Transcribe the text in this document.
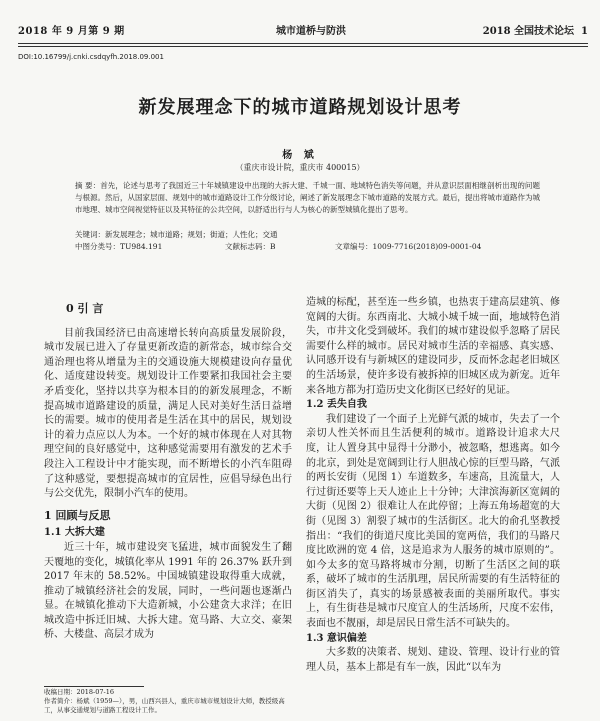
2018 年 9 月第 9 期	城市道桥与防洪	2018 全国技术论坛 1
DOI:10.16799/j.cnki.csdqyfh.2018.09.001
新发展理念下的城市道路规划设计思考
杨 斌
（重庆市设计院，重庆市 400015）
摘 要：首先，论述与思考了我国近三十年城镇建设中出现的大拆大建、千城一面、地域特色消失等问题，并从意识层面相继剖析出现的问题与根源。然后，从国家层面、规划中的城市道路设计工作分级讨论，阐述了新发展理念下城市道路的发展方式。最后，提出将城市道路作为城市地理、城市空间视觉特征以及其特征的公共空间，以舒适出行与人为核心的新型城镇化提出了思考。
关键词：新发展理念；城市道路；规划；街道；人性化；交通
中图分类号：TU984.191	文献标志码：B	文章编号：1009-7716(2018)09-0001-04

0 引 言

目前我国经济已由高速增长转向高质量发展阶段，城市发展已进入了存量更新改造的新常态，城市综合交通治理也将从增量为主的交通设施大规模建设向存量优化、适度建设转变。规划设计工作要紧扣我国社会主要矛盾变化，坚持以共享为根本目的的新发展理念，不断提高城市道路建设的质量，满足人民对美好生活日益增长的需要。城市的使用者是生活在其中的居民，规划设计的着力点应以人为本。一个好的城市体现在人对其物理空间的良好感觉中，这种感觉需要用有激发的艺术手段注入工程设计中才能实现，而不断增长的小汽车阻碍了这种感觉，要想提高城市的宜居性，应倡导绿色出行与公交优先，限制小汽车的使用。

1 回顾与反思

1.1 大拆大建

近三十年，城市建设突飞猛进，城市面貌发生了翻天覆地的变化，城镇化率从 1991 年的 26.37% 跃升到 2017 年末的 58.52%。中国城镇建设取得重大成就，推动了城镇经济社会的发展，同时，一些问题也逐渐凸显。在城镇化推动下大造新城，小公建贪大求洋；在旧城改造中拆迁旧城、大拆大建。宽马路、大立交、豪架桥、大楼盘、高层才成为

造城的标配，甚至连一些乡镇，也热衷于建高层建筑、修宽阔的大街。东西南北、大城小城千城一面，地域特色消失，市井文化受到破坏。我们的城市建设似乎忽略了居民需要什么样的城市。居民对城市生活的幸福感、真实感、认同感开设有与新城区的建设同步，反而怀念起老旧城区的生活场景，使许多设有被拆掉的旧城区成为新宠。近年来各地方都为打造历史文化街区已经好的见证。

1.2 丢失自我

我们建设了一个面子上光鲜气派的城市，失去了一个亲切人性关怀而且生活便利的城市。道路设计追求大尺度，让人置身其中显得十分渺小，被忽略，想逃离。如今的北京，到处是宽阔到让行人胆战心惊的巨型马路，气派的两长安街（见图 1）车道数多，车速高，且流量大，人行过街还要等上天人迹止上十分钟；大津滨海新区宽阔的大街（见图 2）很难让人在此停留；上海五角场超宽的大街（见图 3）割裂了城市的生活街区。北大的俞孔坚教授指出：“我们的街道尺度比美国的宽两倍，我们的马路尺度比欧洲的宽 4 倍，这是追求为人服务的城市原则的”。如今太多的宽马路将城市分割，切断了生活区之间的联系，破坏了城市的生活肌理，居民所需要的有生活特征的街区消失了，真实的场景感被表面的美丽所取代。事实上，有生街巷是城市尺度宜人的生活场所，尺度不宏伟，表面也不靓丽，却是居民日常生活不可缺失的。

1.3 意识偏差

大多数的决策者、规划、建设、管理、设计行业的管理人员，基本上都是有车一族，因此“以车为

收稿日期：2018-07-16
作者简介：杨斌（1959—），男，山西兴县人，重庆市城市规划设计大师，教授级高工，从事交通规划与道路工程设计工作。
